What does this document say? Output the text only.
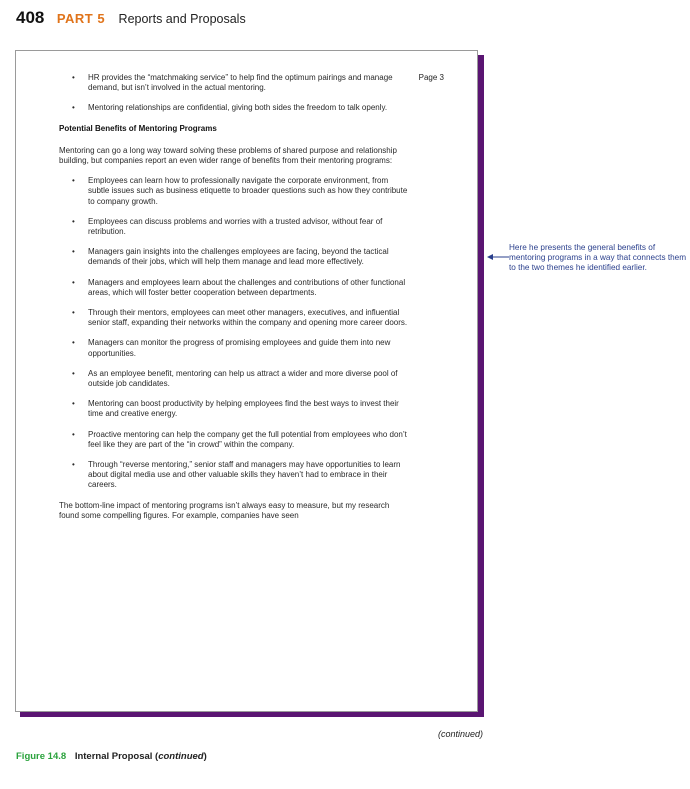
408 PART 5 Reports and Proposals
Page 3
• HR provides the “matchmaking service” to help find the optimum pairings and manage demand, but isn’t involved in the actual mentoring.
• Mentoring relationships are confidential, giving both sides the freedom to talk openly.
Potential Benefits of Mentoring Programs
Mentoring can go a long way toward solving these problems of shared purpose and relationship building, but companies report an even wider range of benefits from their mentoring programs:
• Employees can learn how to professionally navigate the corporate environment, from subtle issues such as business etiquette to broader questions such as how they contribute to company growth.
• Employees can discuss problems and worries with a trusted advisor, without fear of retribution.
• Managers gain insights into the challenges employees are facing, beyond the tactical demands of their jobs, which will help them manage and lead more effectively.
• Managers and employees learn about the challenges and contributions of other functional areas, which will foster better cooperation between departments.
• Through their mentors, employees can meet other managers, executives, and influential senior staff, expanding their networks within the company and opening more career doors.
• Managers can monitor the progress of promising employees and guide them into new opportunities.
• As an employee benefit, mentoring can help us attract a wider and more diverse pool of outside job candidates.
• Mentoring can boost productivity by helping employees find the best ways to invest their time and creative energy.
• Proactive mentoring can help the company get the full potential from employees who don’t feel like they are part of the “in crowd” within the company.
• Through “reverse mentoring,” senior staff and managers may have opportunities to learn about digital media use and other valuable skills they haven’t had to embrace in their careers.
The bottom-line impact of mentoring programs isn’t always easy to measure, but my research found some compelling figures. For example, companies have seen
Here he presents the general benefits of mentoring programs in a way that connects them to the two themes he identified earlier.
(continued)
Figure 14.8 Internal Proposal (continued)
